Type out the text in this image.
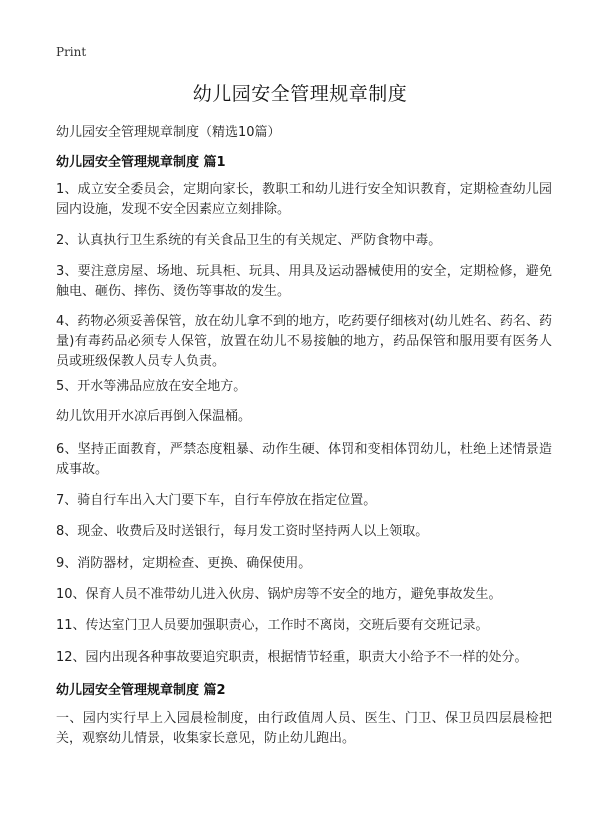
Print
幼儿园安全管理规章制度
幼儿园安全管理规章制度（精选10篇）
幼儿园安全管理规章制度 篇1

1、成立安全委员会，定期向家长，教职工和幼儿进行安全知识教育，定期检查幼儿园园内设施，发现不安全因素应立刻排除。

2、认真执行卫生系统的有关食品卫生的有关规定、严防食物中毒。

3、要注意房屋、场地、玩具柜、玩具、用具及运动器械使用的安全，定期检修，避免触电、砸伤、摔伤、烫伤等事故的发生。

4、药物必须妥善保管，放在幼儿拿不到的地方，吃药要仔细核对(幼儿姓名、药名、药量)有毒药品必须专人保管，放置在幼儿不易接触的地方，药品保管和服用要有医务人员或班级保教人员专人负责。

5、开水等沸品应放在安全地方。

幼儿饮用开水凉后再倒入保温桶。

6、坚持正面教育，严禁态度粗暴、动作生硬、体罚和变相体罚幼儿，杜绝上述情景造成事故。

7、骑自行车出入大门要下车，自行车停放在指定位置。

8、现金、收费后及时送银行，每月发工资时坚持两人以上领取。

9、消防器材，定期检查、更换、确保使用。

10、保育人员不准带幼儿进入伙房、锅炉房等不安全的地方，避免事故发生。

11、传达室门卫人员要加强职责心，工作时不离岗，交班后要有交班记录。

12、园内出现各种事故要追究职责，根据情节轻重，职责大小给予不一样的处分。

幼儿园安全管理规章制度 篇2

一、园内实行早上入园晨检制度，由行政值周人员、医生、门卫、保卫员四层晨检把关，观察幼儿情景，收集家长意见，防止幼儿跑出。
